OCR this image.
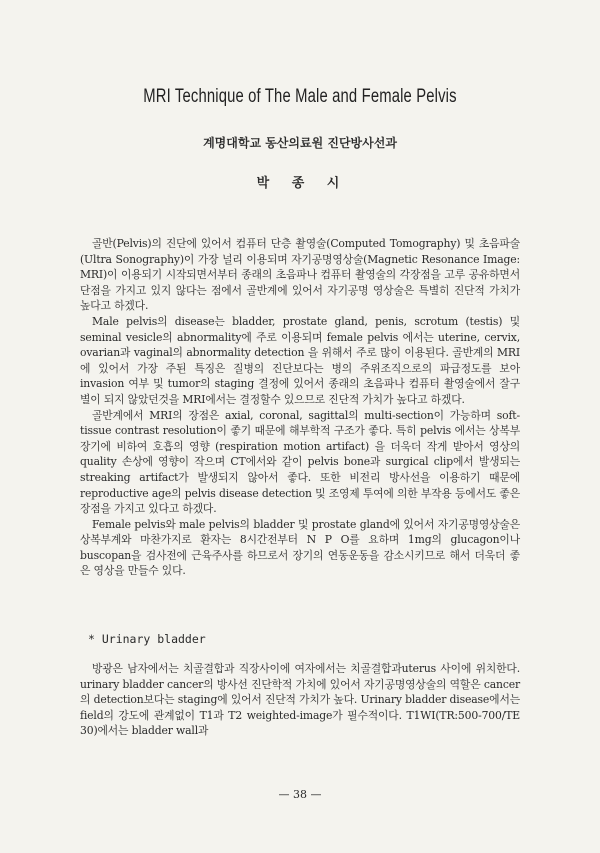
MRI Technique of The Male and Female Pelvis
계명대학교 동산의료원 진단방사선과
박 종 시

골반(Pelvis)의 진단에 있어서 컴퓨터 단층 촬영술(Computed Tomography) 및 초음파술(Ultra Sonography)이 가장 널리 이용되며 자기공명영상술(Magnetic Resonance Image: MRI)이 이용되기 시작되면서부터 종래의 초음파나 컴퓨터 촬영술의 각장점을 고루 공유하면서 단점을 가지고 있지 않다는 점에서 골반계에 있어서 자기공명 영상술은 특별히 진단적 가치가 높다고 하겠다.

Male pelvis의 disease는 bladder, prostate gland, penis, scrotum (testis) 및 seminal vesicle의 abnormality에 주로 이용되며 female pelvis 에서는 uterine, cervix, ovarian과 vaginal의 abnormality detection 을 위해서 주로 많이 이용된다. 골반계의 MRI에 있어서 가장 주된 특징은 질병의 진단보다는 병의 주위조직으로의 파급정도를 보아 invasion 여부 및 tumor의 staging 결정에 있어서 종래의 초음파나 컴퓨터 촬영술에서 잘구별이 되지 않았던것을 MRI에서는 결정할수 있으므로 진단적 가치가 높다고 하겠다.

골반계에서 MRI의 장점은 axial, coronal, sagittal의 multi-section이 가능하며 soft-tissue contrast resolution이 좋기 때문에 해부학적 구조가 좋다. 특히 pelvis 에서는 상복부 장기에 비하여 호흡의 영향 (respiration motion artifact) 을 더욱더 작게 받아서 영상의 quality 손상에 영향이 작으며 CT에서와 같이 pelvis bone과 surgical clip에서 발생되는 streaking artifact가 발생되지 않아서 좋다. 또한 비전리 방사선을 이용하기 때문에 reproductive age의 pelvis disease detection 및 조영제 투여에 의한 부작용 등에서도 좋은 장점을 가지고 있다고 하겠다.

Female pelvis와 male pelvis의 bladder 및 prostate gland에 있어서 자기공명영상술은 상복부계와 마찬가지로 환자는 8시간전부터 N P O를 요하며 1mg의 glucagon이나 buscopan을 검사전에 근육주사를 하므로서 장기의 연동운동을 감소시키므로 해서 더욱더 좋은 영상을 만들수 있다.

* Urinary bladder

방광은 남자에서는 치골결합과 직장사이에 여자에서는 치골결합과uterus 사이에 위치한다. urinary bladder cancer의 방사선 진단학적 가치에 있어서 자기공명영상술의 역할은 cancer의 detection보다는 staging에 있어서 진단적 가치가 높다. Urinary bladder disease에서는 field의 강도에 관계없이 T1과 T2 weighted-image가 필수적이다. T1WI(TR:500-700/TE 30)에서는 bladder wall과

— 38 —
